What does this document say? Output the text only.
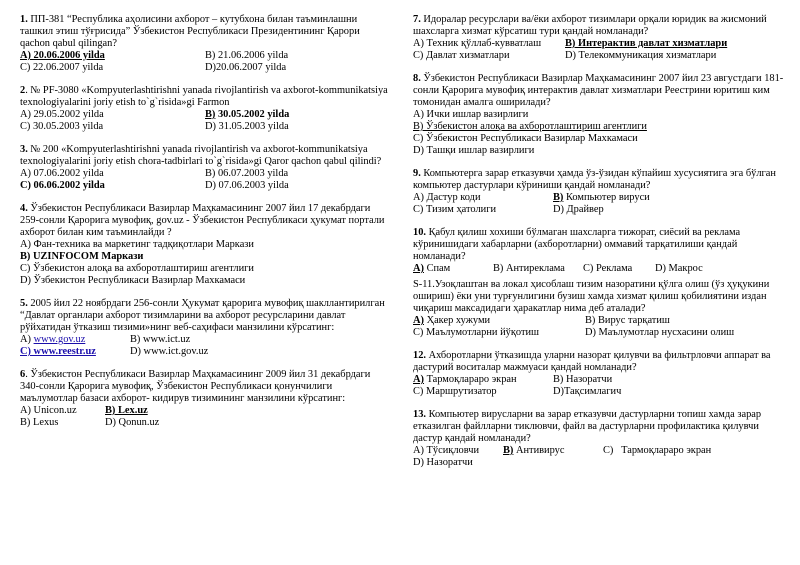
1. ПП-381 “Республика аҳолисини ахборот – кутубхона билан таъминлашни ташкил этиш тўғрисида” Ўзбекистон Республикаси Президентининг Қарори qachon qabul qilingan?

A) 20.06.2006 yilda	B) 21.06.2006 yilda
C) 22.06.2007 yilda	D)20.06.2007 yilda

2. № PF-3080 «Kompyuterlashtirishni yanada rivojlantirish va axborot-kommunikatsiya texnologiyalarini joriy etish to`g`risida»gi Farmon

A) 29.05.2002 yilda	B) 30.05.2002 yilda
C) 30.05.2003 yilda	D) 31.05.2003 yilda

3. № 200 «Kompyuterlashtirishni yanada rivojlantirish va axborot-kommunikatsiya texnologiyalarini joriy etish chora-tadbirlari to`g`risida»gi Qaror qachon qabul qilindi?

A) 07.06.2002 yilda	B) 06.07.2003 yilda
C) 06.06.2002 yilda	D) 07.06.2003 yilda

4. Ўзбекистон Республикаси Вазирлар Маҳкамасининг 2007 йил 17 декабрдаги 259-сонли Қарорига мувофиқ, gov.uz - Ўзбекистон Республикаси ҳукумат портали ахборот билан ким таъминлайди ?

А) Фан-техника ва маркетинг тадқиқотлари Маркази
B) UZINFOCOM Маркази
С) Ўзбекистон алоқа ва ахборотлаштириш агентлиги
D) Ўзбекистон Республикаси Вазирлар Махкамаси

5. 2005 йил 22 ноябрдаги 256-сонли Ҳукумат қарорига мувофиқ шакллантирилган “Давлат органлари ахборот тизимларини ва ахборот ресурсларини давлат рўйхатидан ўтказиш тизими»нинг веб-саҳифаси манзилини кўрсатинг:

А) www.gov.uz	В) www.ict.uz
С) www.reestr.uz	D) www.ict.gov.uz

6. Ўзбекистон Республикаси Вазирлар Маҳкамасининг 2009 йил 31 декабрдаги 340-сонли Қарорига мувофиқ, Ўзбекистон Республикаси қонунчилиги маълумотлар базаси ахборот- кидирув тизимининг манзилини кўрсатинг:

A) Unicon.uz	B) Lex.uz
B) Lexus	D) Qonun.uz

7. Идоралар ресурслари ва/ёки ахборот тизимлари орқали юридик ва жисмоний шахсларга хизмат кўрсатиш тури қандай номланади?

А) Техник қўллаб-кувватлаш	B) Интерактив давлат хизматлари
С) Давлат хизматлари	D) Телекоммуникация хизматлари

8. Ўзбекистон Республикаси Вазирлар Маҳкамасининг 2007 йил 23 августдаги 181-сонли Қарорига мувофиқ интерактив давлат хизматлари Реестрини юритиш ким томонидан амалга оширилади?

А) Ички ишлар вазирлиги
B) Ўзбекистон алоқа ва ахборотлаштириш агентлиги
С) Ўзбекистон Республикаси Вазирлар Махкамаси
D) Ташқи ишлар вазирлиги

9. Компьютерга зарар етказувчи ҳамда ўз-ўзидан кўпайиш хусусиятига эга бўлган компьютер дастурлари кўриниши қандай номланади?

А) Дастур коди	В) Компьютер вируси
С) Тизим ҳатолиги	D) Драйвер

10. Қабул қилиш хохиши бўлмаган шахсларга тижорат, сиёсий ва реклама кўринишидаги хабарларни (ахборотларни) оммавий тарқатилиши қандай номланади?

А) Спам	В) Антиреклама	С) Реклама	D) Макрос

S-11.Узоқлаштан ва локал ҳисоблаш тизим назоратини қўлга олиш (ўз ҳуқукини ошириш) ёки уни турғунлигини бузиш хамда хизмат қилиш қобилиятини издан чиқариш максадидаги ҳаракатлар нима деб аталади?

А) Ҳакер хужуми	В) Вирус тарқатиш
С) Маълумотларни йўқотиш	D) Маълумотлар нусхасини олиш

12. Ахборотларни ўтказишда уларни назорат қилувчи ва фильтрловчи аппарат ва дастурий воситалар мажмуаси қандай номланади?

А) Тармоқлараро экран	B) Назоратчи
С) Маршрутизатор	D)Тақсимлагич

13. Компьютер вирусларни ва зарар етказувчи дастурларни топиш хамда зарар етказилган файлларни тиклювчи, файл ва дастурларни профилактика қилувчи дастур қандай номланади?

А) Тўсиқловчи	B) Антивирус	С)   Тармоқлараро экран
D) Назоратчи
